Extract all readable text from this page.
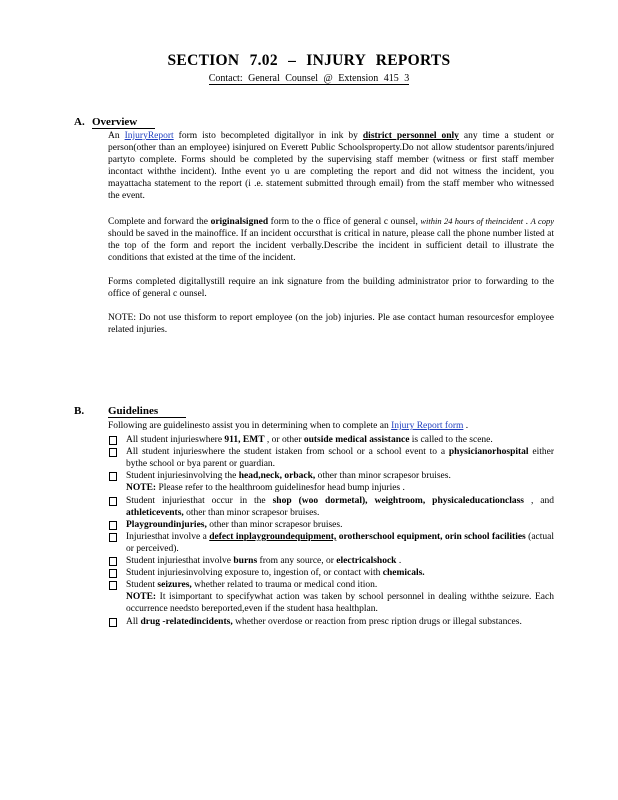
SECTION 7.02 – INJURY REPORTS
Contact: General Counsel @ Extension 415 3
A. Overview

An InjuryReport form isto becompleted digitallyor in ink by district personnel only any time a student or person(other than an employee) isinjured on Everett Public Schoolsproperty.Do not allow studentsor parents/injured partyto complete. Forms should be completed by the supervising staff member (witness or first staff member incontact withthe incident). Inthe event yo u are completing the report and did not witness the incident, you mayattacha statement to the report (i .e. statement submitted through email) from the staff member who witnessed the event.

Complete and forward the originalsigned form to the o ffice of general c ounsel, within 24 hours of theincident . A copy should be saved in the mainoffice. If an incident occursthat is critical in nature, please call the phone number listed at the top of the form and report the incident verbally.Describe the incident in sufficient detail to illustrate the conditions that existed at the time of the incident.

Forms completed digitallystill require an ink signature from the building administrator prior to forwarding to the office of general c ounsel.

NOTE: Do not use thisform to report employee (on the job) injuries. Ple ase contact human resourcesfor employee related injuries.

B. Guidelines
Following are guidelinesto assist you in determining when to complete an Injury Report form .
All student injurieswhere 911, EMT , or other outside medical assistance is called to the scene.
All student injurieswhere the student istaken from school or a school event to a physicianorhospital either bythe school or bya parent or guardian.
Student injuriesinvolving the head,neck, orback, other than minor scrapesor bruises.
NOTE: Please refer to the healthroom guidelinesfor head bump injuries .
Student injuriesthat occur in the shop (woo dormetal), weightroom, physicaleducationclass , and athleticevents, other than minor scrapesor bruises.
Playgroundinjuries, other than minor scrapesor bruises.
Injuriesthat involve a defect inplaygroundequipment, orotherschool equipment, orin school facilities (actual or perceived).
Student injuriesthat involve burns from any source, or electricalshock .
Student injuriesinvolving exposure to, ingestion of, or contact with chemicals.
Student seizures, whether related to trauma or medical cond ition.
NOTE: It isimportant to specifywhat action was taken by school personnel in dealing withthe seizure. Each occurrence needsto bereported,even if the student hasa healthplan.
All drug -relatedincidents, whether overdose or reaction from presc ription drugs or illegal substances.
